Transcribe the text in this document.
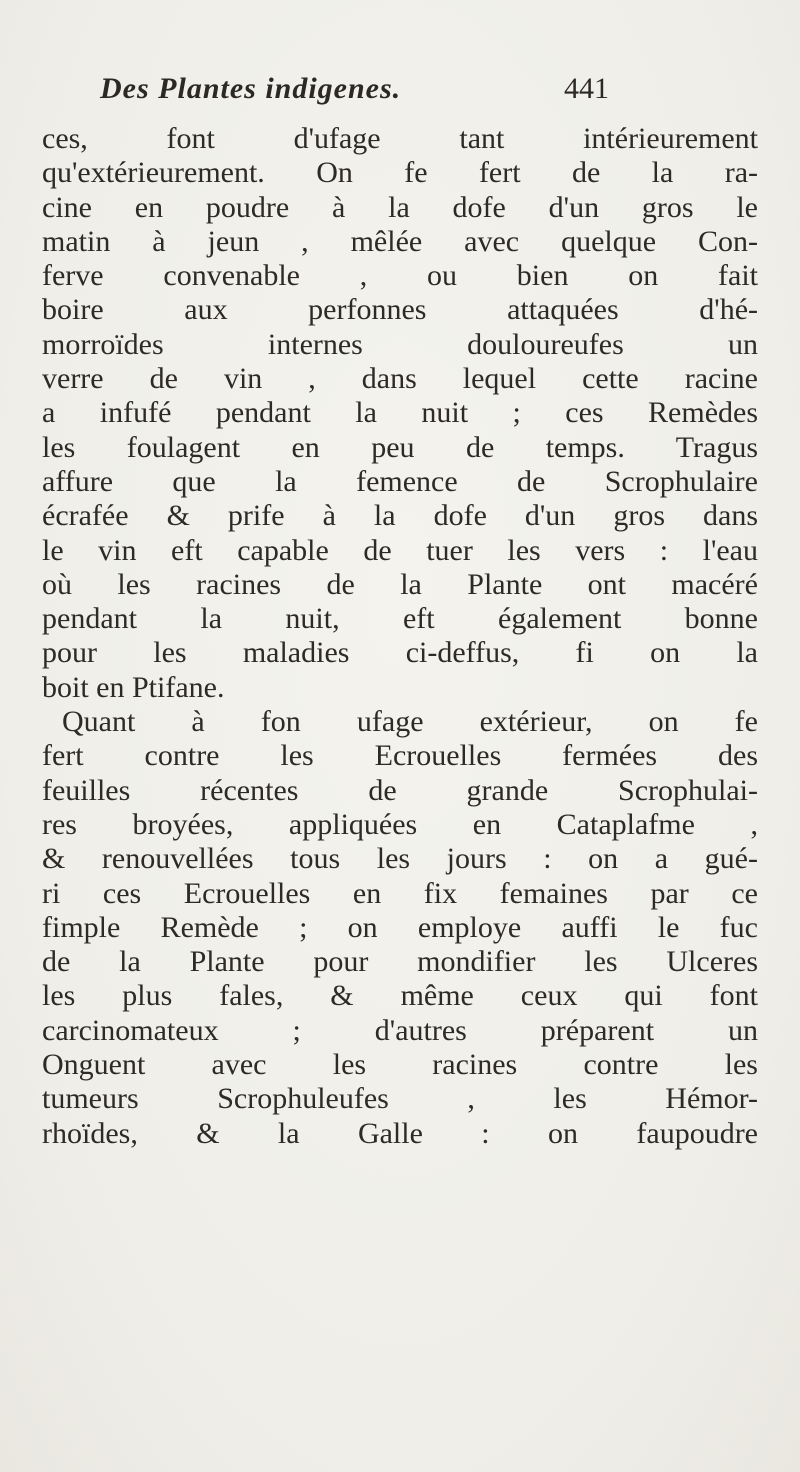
Des Plantes indigenes.	441
ces, font d'ufage tant intérieurement
qu'extérieurement. On fe fert de la ra-
cine en poudre à la dofe d'un gros le
matin à jeun , mêlée avec quelque Con-
ferve convenable , ou bien on fait
boire aux perfonnes attaquées d'hé-
morroïdes internes douloureufes un
verre de vin , dans lequel cette racine
a infufé pendant la nuit ; ces Remèdes
les foulagent en peu de temps. Tragus
affure que la femence de Scrophulaire
écrafée & prife à la dofe d'un gros dans
le vin eft capable de tuer les vers : l'eau
où les racines de la Plante ont macéré
pendant la nuit, eft également bonne
pour les maladies ci-deffus, fi on la
boit en Ptifane.
Quant à fon ufage extérieur, on fe
fert contre les Ecrouelles fermées des
feuilles récentes de grande Scrophulai-
res broyées, appliquées en Cataplafme ,
& renouvellées tous les jours : on a gué-
ri ces Ecrouelles en fix femaines par ce
fimple Remède ; on employe auffi le fuc
de la Plante pour mondifier les Ulceres
les plus fales, & même ceux qui font
carcinomateux ; d'autres préparent un
Onguent avec les racines contre les
tumeurs Scrophuleufes , les Hémor-
rhoïdes, & la Galle : on faupoudre
